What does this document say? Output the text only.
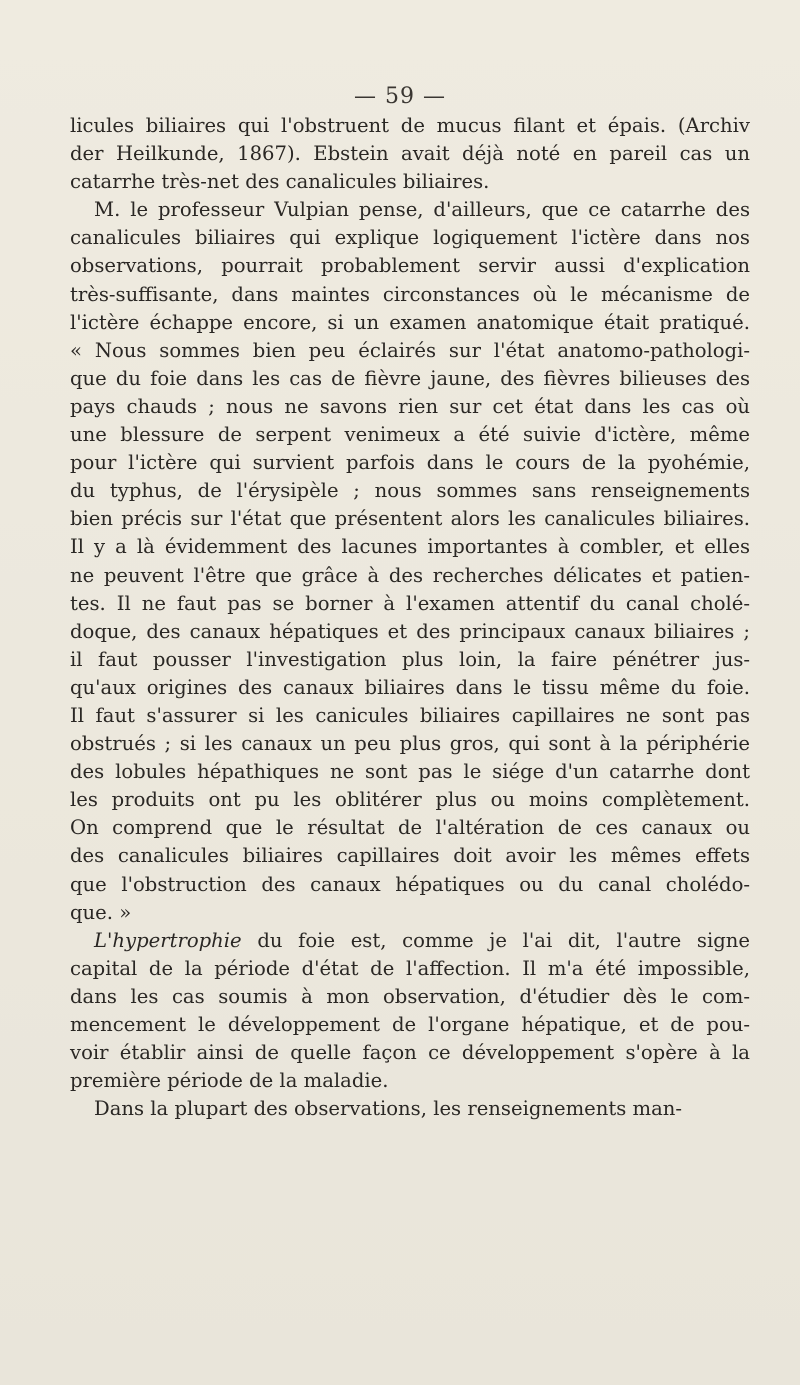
— 59 —

licules biliaires qui l'obstruent de mucus filant et épais. (Archiv
der Heilkunde, 1867). Ebstein avait déjà noté en pareil cas un
catarrhe très-net des canalicules biliaires.

M. le professeur Vulpian pense, d'ailleurs, que ce catarrhe des
canalicules biliaires qui explique logiquement l'ictère dans nos
observations, pourrait probablement servir aussi d'explication
très-suffisante, dans maintes circonstances où le mécanisme de
l'ictère échappe encore, si un examen anatomique était pratiqué.
« Nous sommes bien peu éclairés sur l'état anatomo-pathologi-
que du foie dans les cas de fièvre jaune, des fièvres bilieuses des
pays chauds ; nous ne savons rien sur cet état dans les cas où
une blessure de serpent venimeux a été suivie d'ictère, même
pour l'ictère qui survient parfois dans le cours de la pyohémie,
du typhus, de l'érysipèle ; nous sommes sans renseignements
bien précis sur l'état que présentent alors les canalicules biliaires.
Il y a là évidemment des lacunes importantes à combler, et elles
ne peuvent l'être que grâce à des recherches délicates et patien-
tes. Il ne faut pas se borner à l'examen attentif du canal cholé-
doque, des canaux hépatiques et des principaux canaux biliaires ;
il faut pousser l'investigation plus loin, la faire pénétrer jus-
qu'aux origines des canaux biliaires dans le tissu même du foie.
Il faut s'assurer si les canicules biliaires capillaires ne sont pas
obstrués ; si les canaux un peu plus gros, qui sont à la périphérie
des lobules hépathiques ne sont pas le siége d'un catarrhe dont
les produits ont pu les oblitérer plus ou moins complètement.
On comprend que le résultat de l'altération de ces canaux ou
des canalicules biliaires capillaires doit avoir les mêmes effets
que l'obstruction des canaux hépatiques ou du canal cholédo-
que. »

L'hypertrophie du foie est, comme je l'ai dit, l'autre signe
capital de la période d'état de l'affection. Il m'a été impossible,
dans les cas soumis à mon observation, d'étudier dès le com-
mencement le développement de l'organe hépatique, et de pou-
voir établir ainsi de quelle façon ce développement s'opère à la
première période de la maladie.

Dans la plupart des observations, les renseignements man-
